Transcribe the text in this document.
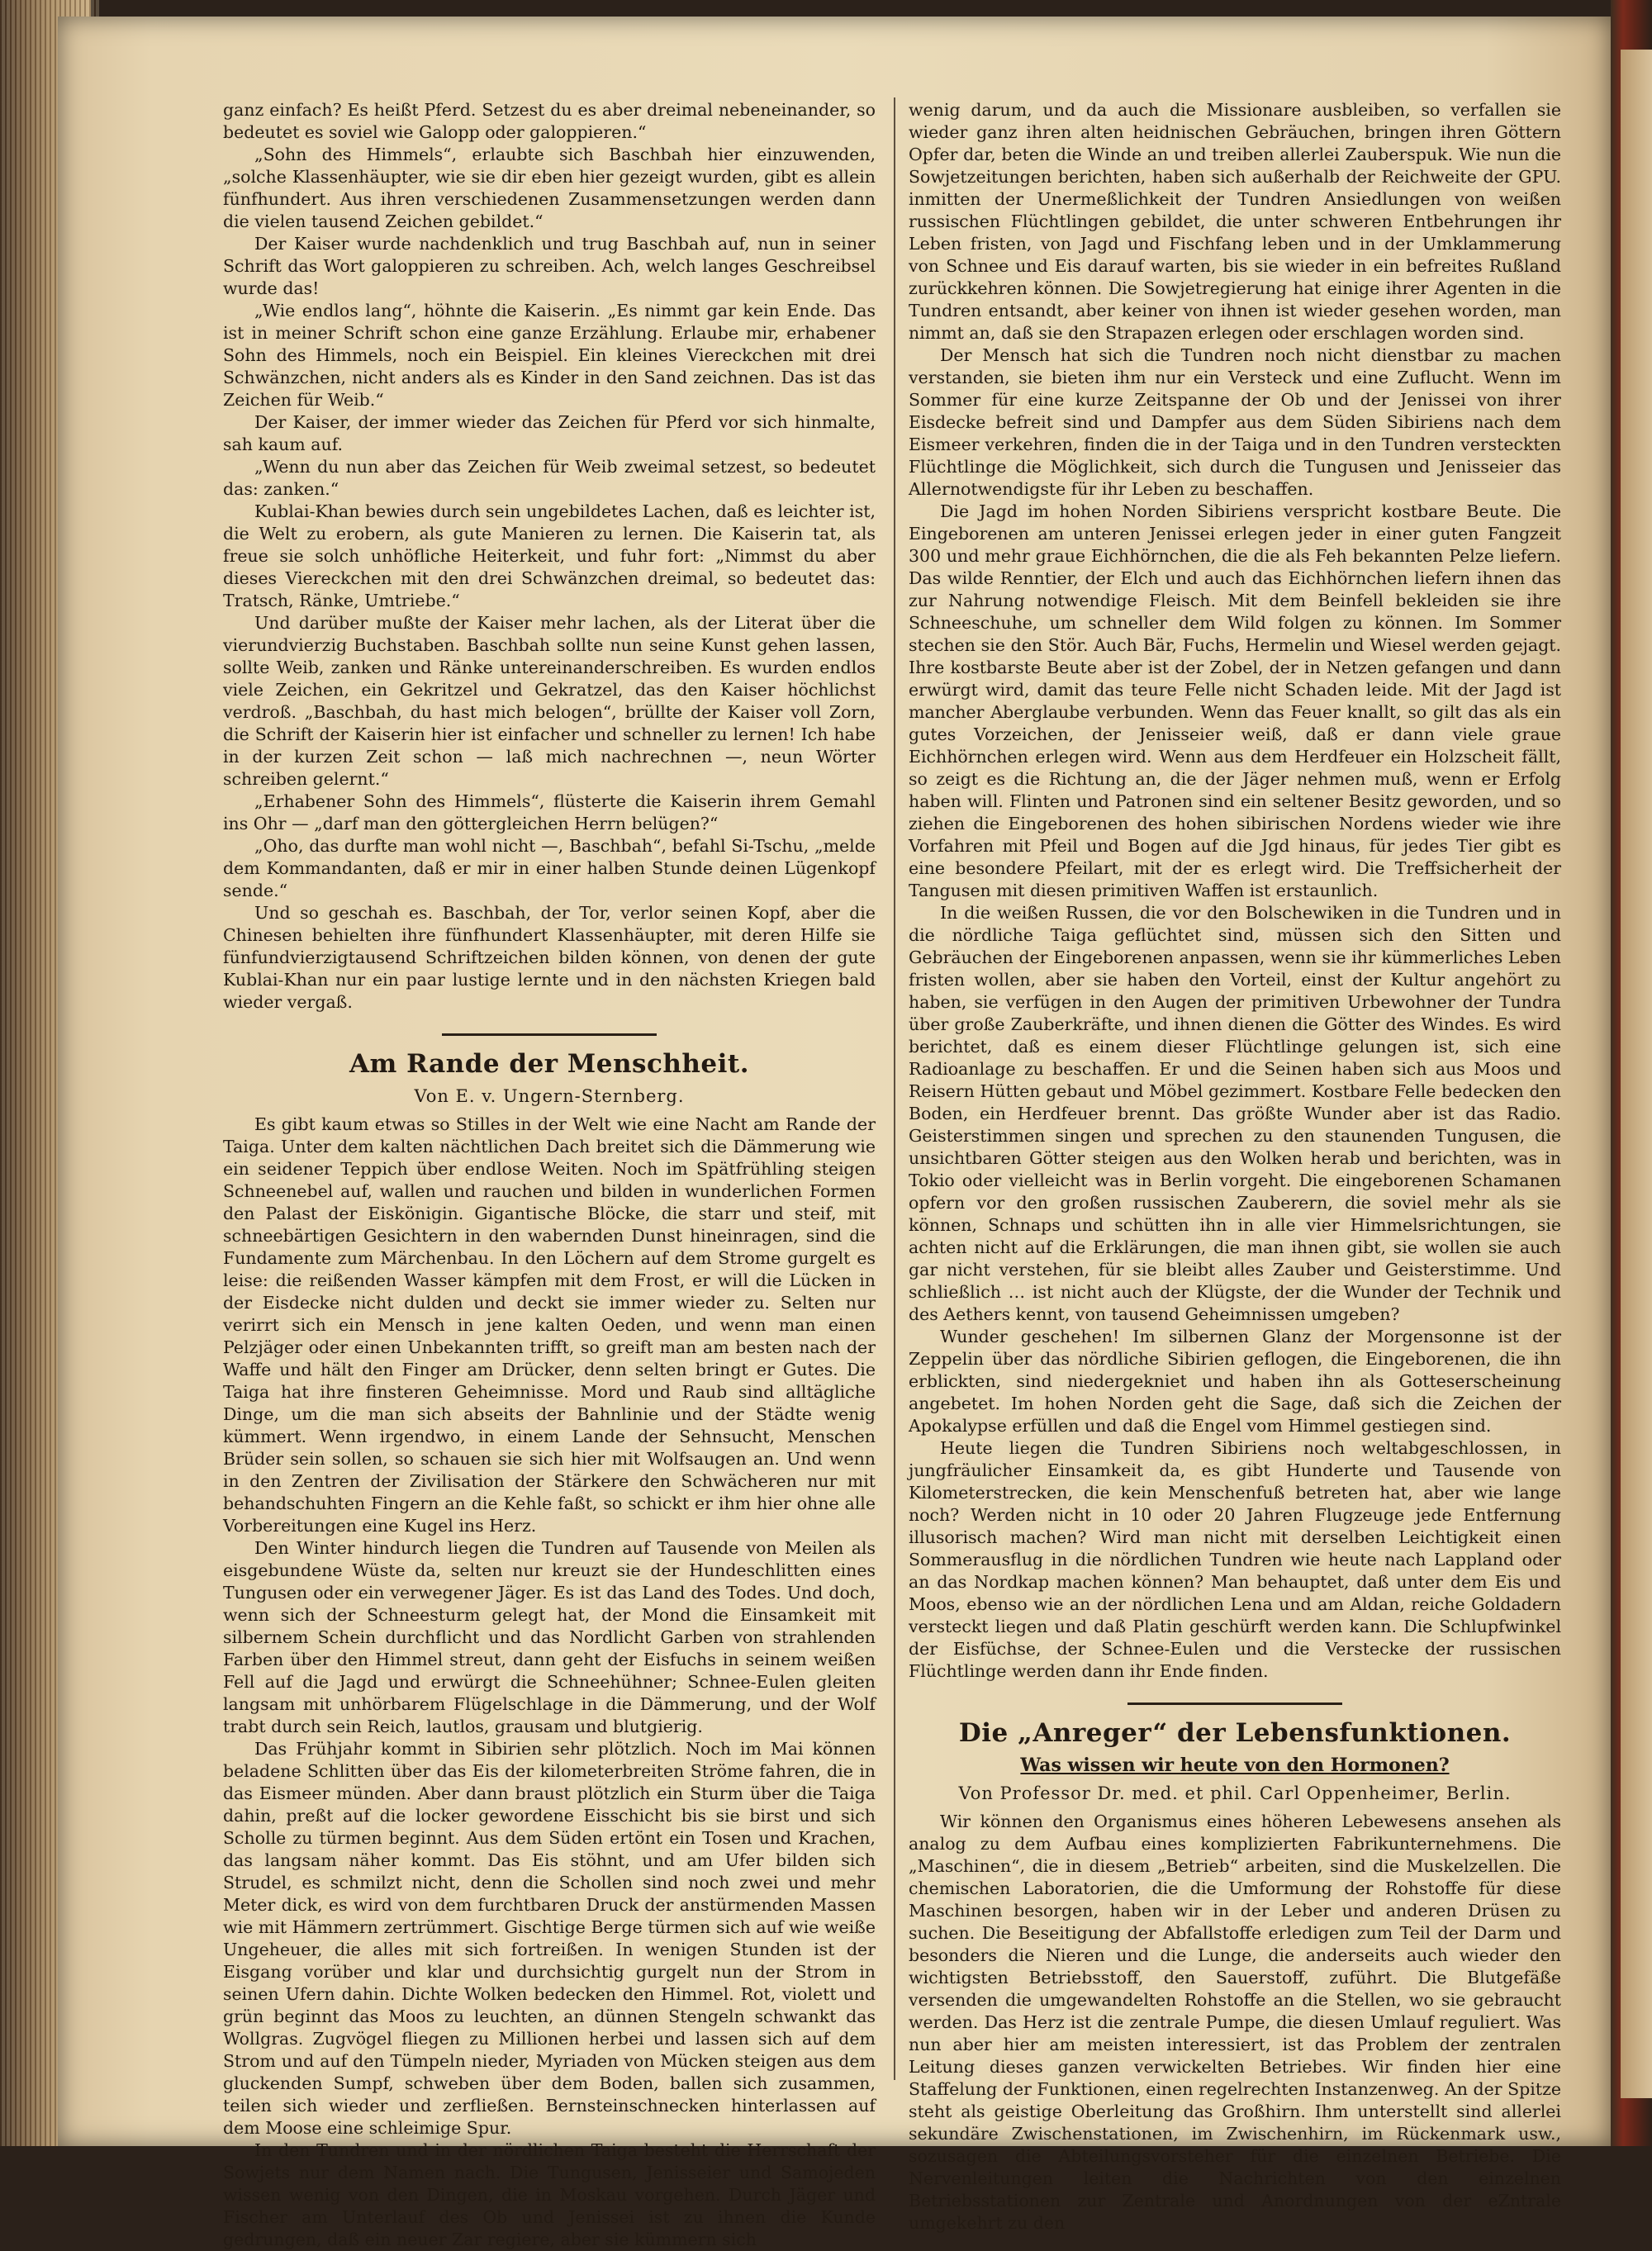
ganz einfach? Es heißt Pferd. Setzest du es aber dreimal nebeneinander, so bedeutet es soviel wie Galopp oder galoppieren.“

„Sohn des Himmels“, erlaubte sich Baschbah hier einzuwenden, „solche Klassenhäupter, wie sie dir eben hier gezeigt wurden, gibt es allein fünfhundert. Aus ihren verschiedenen Zusammensetzungen werden dann die vielen tausend Zeichen gebildet.“

Der Kaiser wurde nachdenklich und trug Baschbah auf, nun in seiner Schrift das Wort galoppieren zu schreiben. Ach, welch langes Geschreibsel wurde das!

„Wie endlos lang“, höhnte die Kaiserin. „Es nimmt gar kein Ende. Das ist in meiner Schrift schon eine ganze Erzählung. Erlaube mir, erhabener Sohn des Himmels, noch ein Beispiel. Ein kleines Viereckchen mit drei Schwänzchen, nicht anders als es Kinder in den Sand zeichnen. Das ist das Zeichen für Weib.“

Der Kaiser, der immer wieder das Zeichen für Pferd vor sich hinmalte, sah kaum auf.

„Wenn du nun aber das Zeichen für Weib zweimal setzest, so bedeutet das: zanken.“

Kublai-Khan bewies durch sein ungebildetes Lachen, daß es leichter ist, die Welt zu erobern, als gute Manieren zu lernen. Die Kaiserin tat, als freue sie solch unhöfliche Heiterkeit, und fuhr fort: „Nimmst du aber dieses Viereckchen mit den drei Schwänzchen dreimal, so bedeutet das: Tratsch, Ränke, Umtriebe.“

Und darüber mußte der Kaiser mehr lachen, als der Literat über die vierundvierzig Buchstaben. Baschbah sollte nun seine Kunst gehen lassen, sollte Weib, zanken und Ränke untereinanderschreiben. Es wurden endlos viele Zeichen, ein Gekritzel und Gekratzel, das den Kaiser höchlichst verdroß. „Baschbah, du hast mich belogen“, brüllte der Kaiser voll Zorn, die Schrift der Kaiserin hier ist einfacher und schneller zu lernen! Ich habe in der kurzen Zeit schon — laß mich nachrechnen —, neun Wörter schreiben gelernt.“

„Erhabener Sohn des Himmels“, flüsterte die Kaiserin ihrem Gemahl ins Ohr — „darf man den göttergleichen Herrn belügen?“

„Oho, das durfte man wohl nicht —, Baschbah“, befahl Si-Tschu, „melde dem Kommandanten, daß er mir in einer halben Stunde deinen Lügenkopf sende.“

Und so geschah es. Baschbah, der Tor, verlor seinen Kopf, aber die Chinesen behielten ihre fünfhundert Klassenhäupter, mit deren Hilfe sie fünfundvierzigtausend Schriftzeichen bilden können, von denen der gute Kublai-Khan nur ein paar lustige lernte und in den nächsten Kriegen bald wieder vergaß.

Am Rande der Menschheit.
Von E. v. Ungern-Sternberg.

Es gibt kaum etwas so Stilles in der Welt wie eine Nacht am Rande der Taiga. Unter dem kalten nächtlichen Dach breitet sich die Dämmerung wie ein seidener Teppich über endlose Weiten. Noch im Spätfrühling steigen Schneenebel auf, wallen und rauchen und bilden in wunderlichen Formen den Palast der Eiskönigin. Gigantische Blöcke, die starr und steif, mit schneebärtigen Gesichtern in den wabernden Dunst hineinragen, sind die Fundamente zum Märchenbau. In den Löchern auf dem Strome gurgelt es leise: die reißenden Wasser kämpfen mit dem Frost, er will die Lücken in der Eisdecke nicht dulden und deckt sie immer wieder zu. Selten nur verirrt sich ein Mensch in jene kalten Oeden, und wenn man einen Pelzjäger oder einen Unbekannten trifft, so greift man am besten nach der Waffe und hält den Finger am Drücker, denn selten bringt er Gutes. Die Taiga hat ihre finsteren Geheimnisse. Mord und Raub sind alltägliche Dinge, um die man sich abseits der Bahnlinie und der Städte wenig kümmert. Wenn irgendwo, in einem Lande der Sehnsucht, Menschen Brüder sein sollen, so schauen sie sich hier mit Wolfsaugen an. Und wenn in den Zentren der Zivilisation der Stärkere den Schwächeren nur mit behandschuhten Fingern an die Kehle faßt, so schickt er ihm hier ohne alle Vorbereitungen eine Kugel ins Herz.

Den Winter hindurch liegen die Tundren auf Tausende von Meilen als eisgebundene Wüste da, selten nur kreuzt sie der Hundeschlitten eines Tungusen oder ein verwegener Jäger. Es ist das Land des Todes. Und doch, wenn sich der Schneesturm gelegt hat, der Mond die Einsamkeit mit silbernem Schein durchflicht und das Nordlicht Garben von strahlenden Farben über den Himmel streut, dann geht der Eisfuchs in seinem weißen Fell auf die Jagd und erwürgt die Schneehühner; Schnee-Eulen gleiten langsam mit unhörbarem Flügelschlage in die Dämmerung, und der Wolf trabt durch sein Reich, lautlos, grausam und blutgierig.

Das Frühjahr kommt in Sibirien sehr plötzlich. Noch im Mai können beladene Schlitten über das Eis der kilometerbreiten Ströme fahren, die in das Eismeer münden. Aber dann braust plötzlich ein Sturm über die Taiga dahin, preßt auf die locker gewordene Eisschicht bis sie birst und sich Scholle zu türmen beginnt. Aus dem Süden ertönt ein Tosen und Krachen, das langsam näher kommt. Das Eis stöhnt, und am Ufer bilden sich Strudel, es schmilzt nicht, denn die Schollen sind noch zwei und mehr Meter dick, es wird von dem furchtbaren Druck der anstürmenden Massen wie mit Hämmern zertrümmert. Gischtige Berge türmen sich auf wie weiße Ungeheuer, die alles mit sich fortreißen. In wenigen Stunden ist der Eisgang vorüber und klar und durchsichtig gurgelt nun der Strom in seinen Ufern dahin. Dichte Wolken bedecken den Himmel. Rot, violett und grün beginnt das Moos zu leuchten, an dünnen Stengeln schwankt das Wollgras. Zugvögel fliegen zu Millionen herbei und lassen sich auf dem Strom und auf den Tümpeln nieder, Myriaden von Mücken steigen aus dem gluckenden Sumpf, schweben über dem Boden, ballen sich zusammen, teilen sich wieder und zerfließen. Bernsteinschnecken hinterlassen auf dem Moose eine schleimige Spur.

In den Tundren und in der nördlichen Taiga besteht die Herrschaft der Sowjets nur dem Namen nach. Die Tungusen, Jenisseier und Samojeden wissen wenig von den Dingen, die in Moskau vorgehen. Durch Jäger und Fischer am Unterlauf des Ob und Jenissei ist zu ihnen die Kunde gedrungen, daß ein neuer Zar regiere, aber sie kümmern sich

wenig darum, und da auch die Missionare ausbleiben, so verfallen sie wieder ganz ihren alten heidnischen Gebräuchen, bringen ihren Göttern Opfer dar, beten die Winde an und treiben allerlei Zauberspuk. Wie nun die Sowjetzeitungen berichten, haben sich außerhalb der Reichweite der GPU. inmitten der Unermeßlichkeit der Tundren Ansiedlungen von weißen russischen Flüchtlingen gebildet, die unter schweren Entbehrungen ihr Leben fristen, von Jagd und Fischfang leben und in der Umklammerung von Schnee und Eis darauf warten, bis sie wieder in ein befreites Rußland zurückkehren können. Die Sowjetregierung hat einige ihrer Agenten in die Tundren entsandt, aber keiner von ihnen ist wieder gesehen worden, man nimmt an, daß sie den Strapazen erlegen oder erschlagen worden sind.

Der Mensch hat sich die Tundren noch nicht dienstbar zu machen verstanden, sie bieten ihm nur ein Versteck und eine Zuflucht. Wenn im Sommer für eine kurze Zeitspanne der Ob und der Jenissei von ihrer Eisdecke befreit sind und Dampfer aus dem Süden Sibiriens nach dem Eismeer verkehren, finden die in der Taiga und in den Tundren versteckten Flüchtlinge die Möglichkeit, sich durch die Tungusen und Jenisseier das Allernotwendigste für ihr Leben zu beschaffen.

Die Jagd im hohen Norden Sibiriens verspricht kostbare Beute. Die Eingeborenen am unteren Jenissei erlegen jeder in einer guten Fangzeit 300 und mehr graue Eichhörnchen, die die als Feh bekannten Pelze liefern. Das wilde Renntier, der Elch und auch das Eichhörnchen liefern ihnen das zur Nahrung notwendige Fleisch. Mit dem Beinfell bekleiden sie ihre Schneeschuhe, um schneller dem Wild folgen zu können. Im Sommer stechen sie den Stör. Auch Bär, Fuchs, Hermelin und Wiesel werden gejagt. Ihre kostbarste Beute aber ist der Zobel, der in Netzen gefangen und dann erwürgt wird, damit das teure Felle nicht Schaden leide. Mit der Jagd ist mancher Aberglaube verbunden. Wenn das Feuer knallt, so gilt das als ein gutes Vorzeichen, der Jenisseier weiß, daß er dann viele graue Eichhörnchen erlegen wird. Wenn aus dem Herdfeuer ein Holzscheit fällt, so zeigt es die Richtung an, die der Jäger nehmen muß, wenn er Erfolg haben will. Flinten und Patronen sind ein seltener Besitz geworden, und so ziehen die Eingeborenen des hohen sibirischen Nordens wieder wie ihre Vorfahren mit Pfeil und Bogen auf die Jgd hinaus, für jedes Tier gibt es eine besondere Pfeilart, mit der es erlegt wird. Die Treffsicherheit der Tangusen mit diesen primitiven Waffen ist erstaunlich.

In die weißen Russen, die vor den Bolschewiken in die Tundren und in die nördliche Taiga geflüchtet sind, müssen sich den Sitten und Gebräuchen der Eingeborenen anpassen, wenn sie ihr kümmerliches Leben fristen wollen, aber sie haben den Vorteil, einst der Kultur angehört zu haben, sie verfügen in den Augen der primitiven Urbewohner der Tundra über große Zauberkräfte, und ihnen dienen die Götter des Windes. Es wird berichtet, daß es einem dieser Flüchtlinge gelungen ist, sich eine Radioanlage zu beschaffen. Er und die Seinen haben sich aus Moos und Reisern Hütten gebaut und Möbel gezimmert. Kostbare Felle bedecken den Boden, ein Herdfeuer brennt. Das größte Wunder aber ist das Radio. Geisterstimmen singen und sprechen zu den staunenden Tungusen, die unsichtbaren Götter steigen aus den Wolken herab und berichten, was in Tokio oder vielleicht was in Berlin vorgeht. Die eingeborenen Schamanen opfern vor den großen russischen Zauberern, die soviel mehr als sie können, Schnaps und schütten ihn in alle vier Himmelsrichtungen, sie achten nicht auf die Erklärungen, die man ihnen gibt, sie wollen sie auch gar nicht verstehen, für sie bleibt alles Zauber und Geisterstimme. Und schließlich … ist nicht auch der Klügste, der die Wunder der Technik und des Aethers kennt, von tausend Geheimnissen umgeben?

Wunder geschehen! Im silbernen Glanz der Morgensonne ist der Zeppelin über das nördliche Sibirien geflogen, die Eingeborenen, die ihn erblickten, sind niedergekniet und haben ihn als Gotteserscheinung angebetet. Im hohen Norden geht die Sage, daß sich die Zeichen der Apokalypse erfüllen und daß die Engel vom Himmel gestiegen sind.

Heute liegen die Tundren Sibiriens noch weltabgeschlossen, in jungfräulicher Einsamkeit da, es gibt Hunderte und Tausende von Kilometerstrecken, die kein Menschenfuß betreten hat, aber wie lange noch? Werden nicht in 10 oder 20 Jahren Flugzeuge jede Entfernung illusorisch machen? Wird man nicht mit derselben Leichtigkeit einen Sommerausflug in die nördlichen Tundren wie heute nach Lappland oder an das Nordkap machen können? Man behauptet, daß unter dem Eis und Moos, ebenso wie an der nördlichen Lena und am Aldan, reiche Goldadern versteckt liegen und daß Platin geschürft werden kann. Die Schlupfwinkel der Eisfüchse, der Schnee-Eulen und die Verstecke der russischen Flüchtlinge werden dann ihr Ende finden.

Die „Anreger“ der Lebensfunktionen.
Was wissen wir heute von den Hormonen?
Von Professor Dr. med. et phil. Carl Oppenheimer, Berlin.

Wir können den Organismus eines höheren Lebewesens ansehen als analog zu dem Aufbau eines komplizierten Fabrikunternehmens. Die „Maschinen“, die in diesem „Betrieb“ arbeiten, sind die Muskelzellen. Die chemischen Laboratorien, die die Umformung der Rohstoffe für diese Maschinen besorgen, haben wir in der Leber und anderen Drüsen zu suchen. Die Beseitigung der Abfallstoffe erledigen zum Teil der Darm und besonders die Nieren und die Lunge, die anderseits auch wieder den wichtigsten Betriebsstoff, den Sauerstoff, zuführt. Die Blutgefäße versenden die umgewandelten Rohstoffe an die Stellen, wo sie gebraucht werden. Das Herz ist die zentrale Pumpe, die diesen Umlauf reguliert. Was nun aber hier am meisten interessiert, ist das Problem der zentralen Leitung dieses ganzen verwickelten Betriebes. Wir finden hier eine Staffelung der Funktionen, einen regelrechten Instanzenweg. An der Spitze steht als geistige Oberleitung das Großhirn. Ihm unterstellt sind allerlei sekundäre Zwischenstationen, im Zwischenhirn, im Rückenmark usw., sozusagen die Abteilungsvorsteher für die einzelnen Betriebe. Die Nervenleitungen leiten die Nachrichten von den einzelnen Betriebsstationen zur Zentrale und Anordnungen von der eZntrale umgekehrt zu den
